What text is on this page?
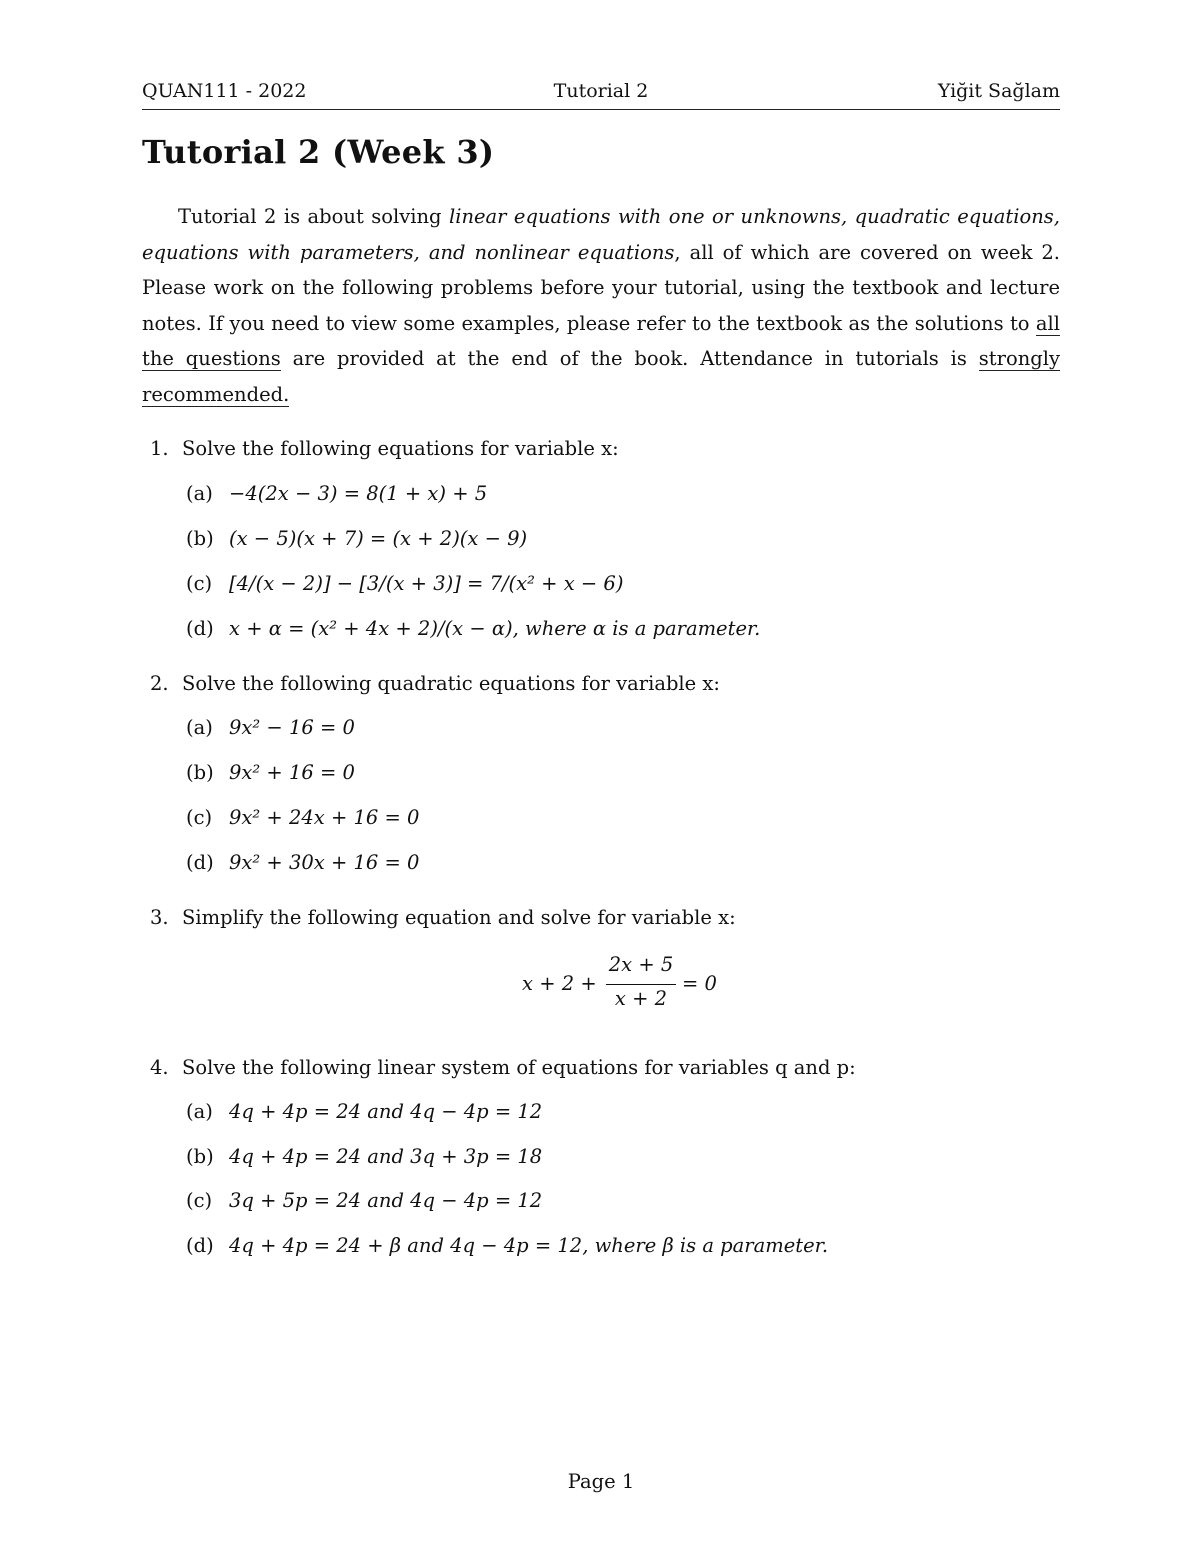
QUAN111 - 2022	Tutorial 2	Yiğit Sağlam
Tutorial 2 (Week 3)

Tutorial 2 is about solving linear equations with one or unknowns, quadratic equations, equations with parameters, and nonlinear equations, all of which are covered on week 2. Please work on the following problems before your tutorial, using the textbook and lecture notes. If you need to view some examples, please refer to the textbook as the solutions to all the questions are provided at the end of the book. Attendance in tutorials is strongly recommended.

1. Solve the following equations for variable x:
(a) −4(2x − 3) = 8(1 + x) + 5
(b) (x − 5)(x + 7) = (x + 2)(x − 9)
(c) [4/(x − 2)] − [3/(x + 3)] = 7/(x² + x − 6)
(d) x + α = (x² + 4x + 2)/(x − α), where α is a parameter.
2. Solve the following quadratic equations for variable x:
(a) 9x² − 16 = 0
(b) 9x² + 16 = 0
(c) 9x² + 24x + 16 = 0
(d) 9x² + 30x + 16 = 0
3. Simplify the following equation and solve for variable x:
x + 2 +
2x + 5
x + 2
= 0
4. Solve the following linear system of equations for variables q and p:
(a) 4q + 4p = 24 and 4q − 4p = 12
(b) 4q + 4p = 24 and 3q + 3p = 18
(c) 3q + 5p = 24 and 4q − 4p = 12
(d) 4q + 4p = 24 + β and 4q − 4p = 12, where β is a parameter.
Page 1
